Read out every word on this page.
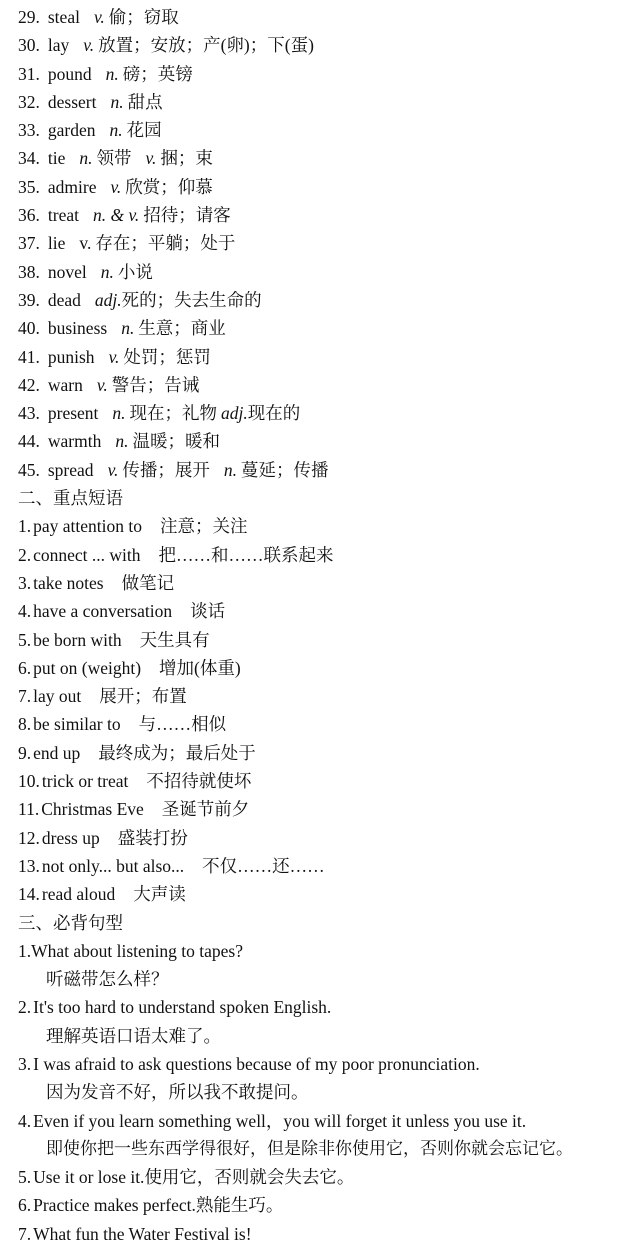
29. steal v. 偷；窃取
30. lay v. 放置；安放；产(卵)；下(蛋)
31. pound n. 磅；英镑
32. dessert n. 甜点
33. garden n. 花园
34. tie n. 领带 v. 捆；束
35. admire v. 欣赏；仰慕
36. treat n. & v. 招待；请客
37. lie v. 存在；平躺；处于
38. novel n. 小说
39. dead adj.死的；失去生命的
40. business n. 生意；商业
41. punish v. 处罚；惩罚
42. warn v. 警告；告诫
43. present n. 现在；礼物 adj.现在的
44. warmth n. 温暖；暖和
45. spread v. 传播；展开 n. 蔓延；传播
二、重点短语
1. pay attention to 注意；关注
2. connect ... with 把……和……联系起来
3. take notes 做笔记
4. have a conversation 谈话
5. be born with 天生具有
6. put on (weight) 增加(体重)
7. lay out 展开；布置
8. be similar to 与……相似
9. end up 最终成为；最后处于
10. trick or treat 不招待就使坏
11. Christmas Eve 圣诞节前夕
12. dress up 盛装打扮
13. not only... but also... 不仅……还……
14. read aloud 大声读
三、必背句型
1.What about listening to tapes?
听磁带怎么样？
2. It's too hard to understand spoken English.
理解英语口语太难了。
3. I was afraid to ask questions because of my poor pronunciation.
因为发音不好，所以我不敢提问。
4. Even if you learn something well，you will forget it unless you use it.
即使你把一些东西学得很好，但是除非你使用它，否则你就会忘记它。
5. Use it or lose it.使用它，否则就会失去它。
6. Practice makes perfect.熟能生巧。
7. What fun the Water Festival is!
